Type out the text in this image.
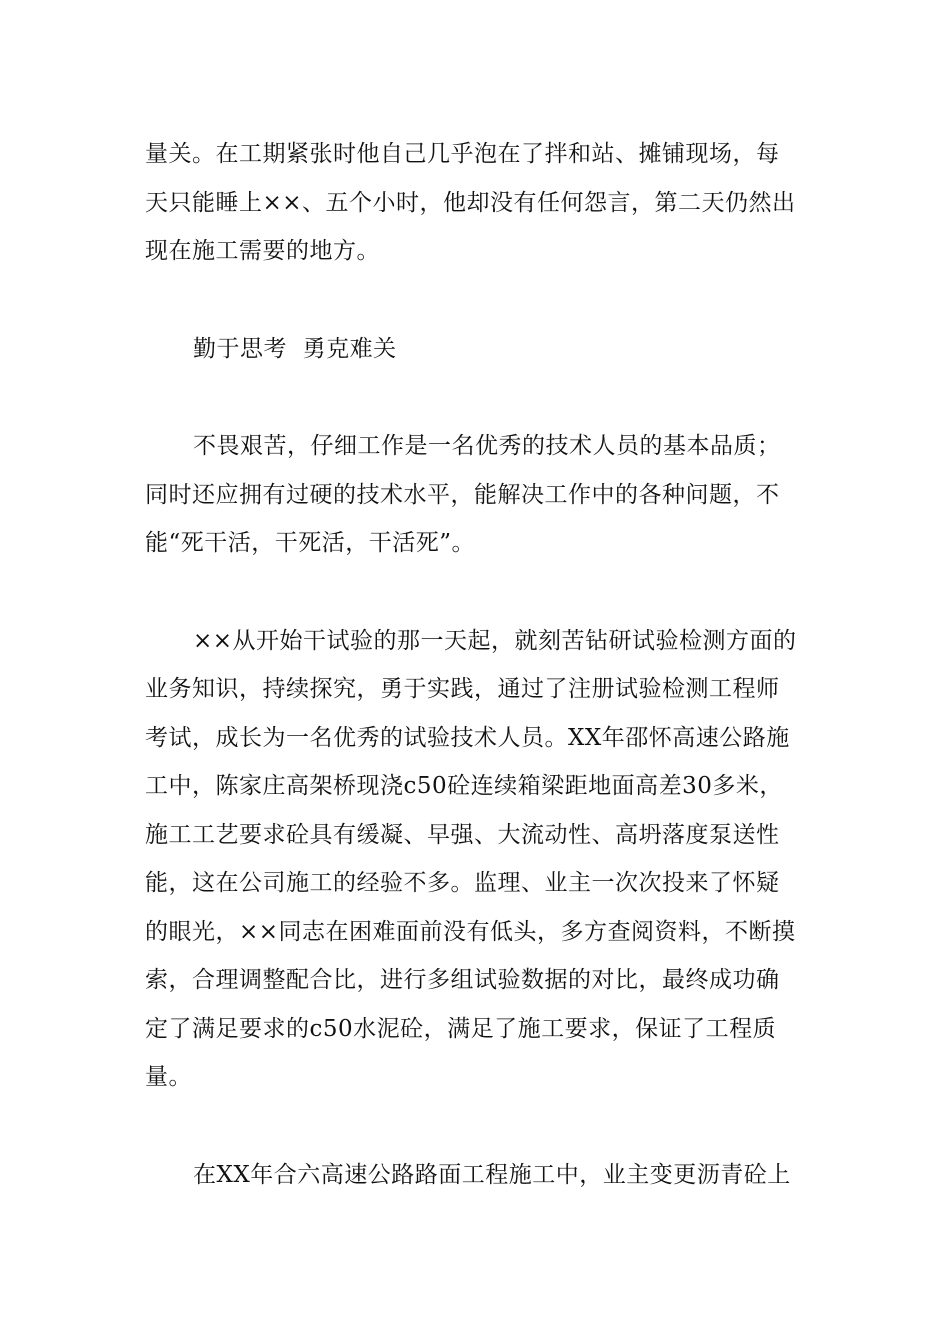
量关。在工期紧张时他自己几乎泡在了拌和站、摊铺现场，每
天只能睡上××、五个小时，他却没有任何怨言，第二天仍然出
现在施工需要的地方。

勤于思考  勇克难关

不畏艰苦，仔细工作是一名优秀的技术人员的基本品质；
同时还应拥有过硬的技术水平，能解决工作中的各种问题，不
能“死干活，干死活，干活死”。

××从开始干试验的那一天起，就刻苦钻研试验检测方面的
业务知识，持续探究，勇于实践，通过了注册试验检测工程师
考试，成长为一名优秀的试验技术人员。XX年邵怀高速公路施
工中，陈家庄高架桥现浇c50砼连续箱梁距地面高差30多米，
施工工艺要求砼具有缓凝、早强、大流动性、高坍落度泵送性
能，这在公司施工的经验不多。监理、业主一次次投来了怀疑
的眼光，××同志在困难面前没有低头，多方查阅资料，不断摸
索，合理调整配合比，进行多组试验数据的对比，最终成功确
定了满足要求的c50水泥砼，满足了施工要求，保证了工程质
量。

在XX年合六高速公路路面工程施工中，业主变更沥青砼上
